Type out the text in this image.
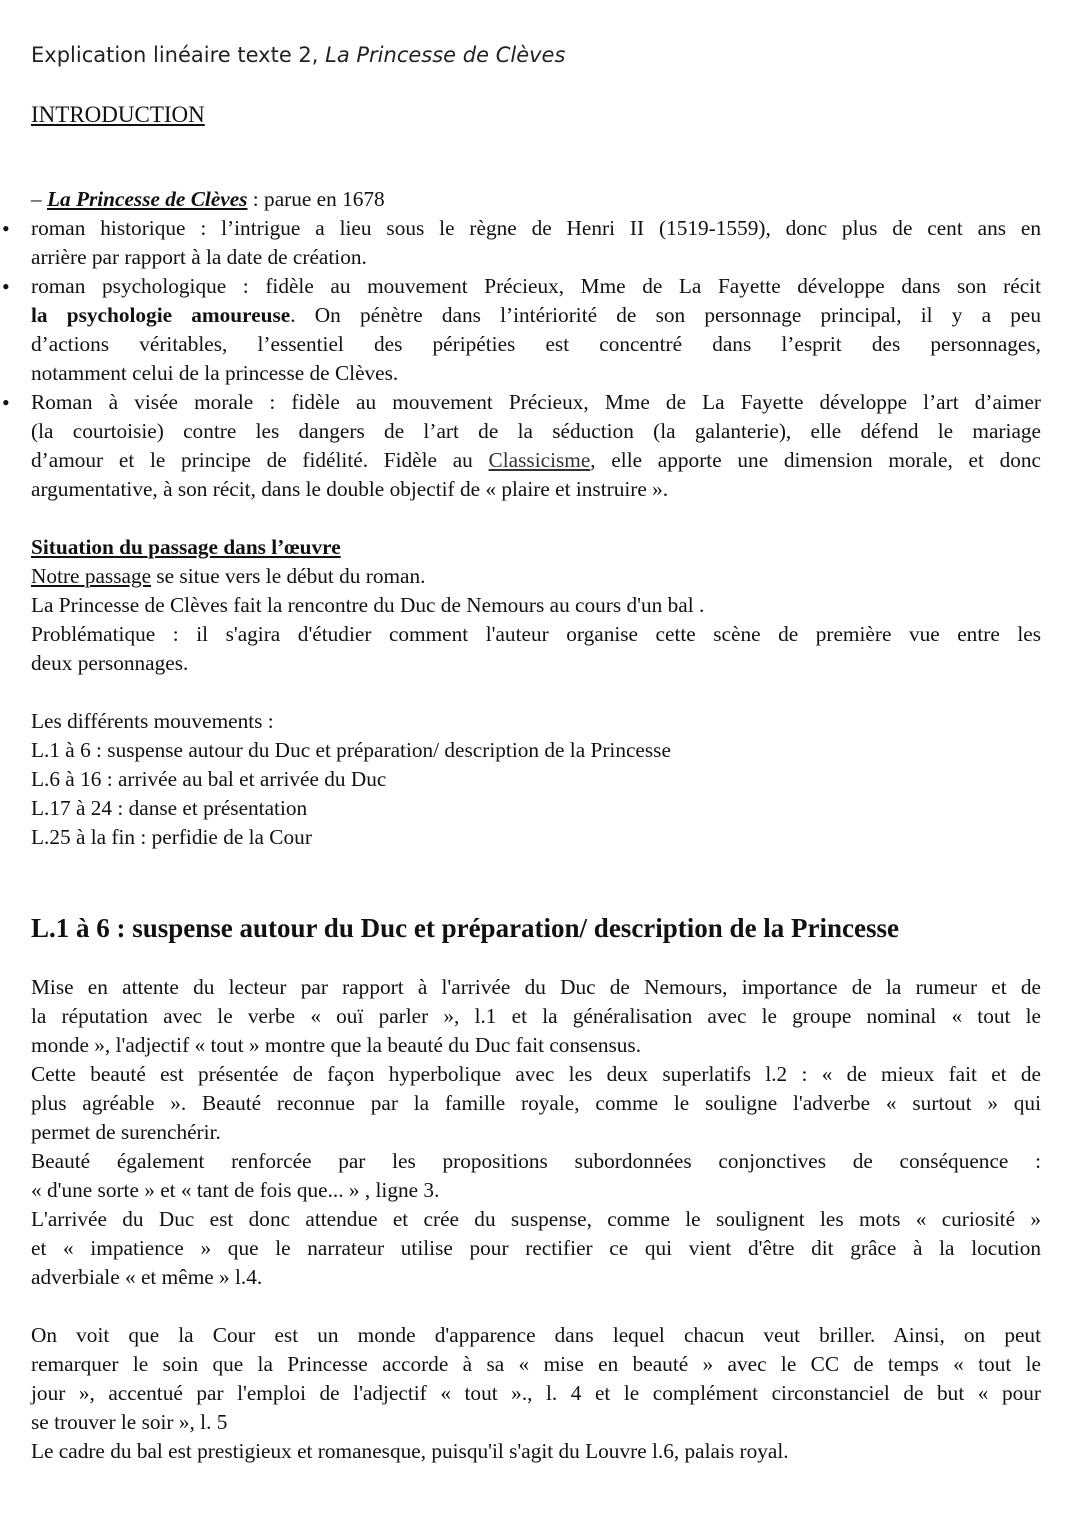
Explication linéaire texte 2, La Princesse de Clèves
INTRODUCTION
– La Princesse de Clèves : parue en 1678
• roman historique : l’intrigue a lieu sous le règne de Henri II (1519-1559), donc plus de cent ans en
arrière par rapport à la date de création.
• roman psychologique : fidèle au mouvement Précieux, Mme de La Fayette développe dans son récit
la psychologie amoureuse. On pénètre dans l’intériorité de son personnage principal, il y a peu
d’actions véritables, l’essentiel des péripéties est concentré dans l’esprit des personnages,
notamment celui de la princesse de Clèves.
• Roman à visée morale : fidèle au mouvement Précieux, Mme de La Fayette développe l’art d’aimer
(la courtoisie) contre les dangers de l’art de la séduction (la galanterie), elle défend le mariage
d’amour et le principe de fidélité. Fidèle au Classicisme, elle apporte une dimension morale, et donc
argumentative, à son récit, dans le double objectif de « plaire et instruire ».
Situation du passage dans l’œuvre
Notre passage se situe vers le début du roman.
La Princesse de Clèves fait la rencontre du Duc de Nemours au cours d'un bal .
Problématique : il s'agira d'étudier comment l'auteur organise cette scène de première vue entre les
deux personnages.
Les différents mouvements :
L.1 à 6 : suspense autour du Duc et préparation/ description de la Princesse
L.6 à 16 : arrivée au bal et arrivée du Duc
L.17 à 24 : danse et présentation
L.25 à la fin : perfidie de la Cour
L.1 à 6 : suspense autour du Duc et préparation/ description de la Princesse
Mise en attente du lecteur par rapport à l'arrivée du Duc de Nemours, importance de la rumeur et de
la réputation avec le verbe « ouï parler », l.1 et la généralisation avec le groupe nominal « tout le
monde », l'adjectif « tout » montre que la beauté du Duc fait consensus.
Cette beauté est présentée de façon hyperbolique avec les deux superlatifs l.2 : « de mieux fait et de
plus agréable ». Beauté reconnue par la famille royale, comme le souligne l'adverbe « surtout » qui
permet de surenchérir.
Beauté également renforcée par les propositions subordonnées conjonctives de conséquence :
« d'une sorte » et « tant de fois que... » , ligne 3.
L'arrivée du Duc est donc attendue et crée du suspense, comme le soulignent les mots « curiosité »
et « impatience » que le narrateur utilise pour rectifier ce qui vient d'être dit grâce à la locution
adverbiale « et même » l.4.
On voit que la Cour est un monde d'apparence dans lequel chacun veut briller. Ainsi, on peut
remarquer le soin que la Princesse accorde à sa « mise en beauté » avec le CC de temps « tout le
jour », accentué par l'emploi de l'adjectif « tout »., l. 4 et le complément circonstanciel de but « pour
se trouver le soir », l. 5
Le cadre du bal est prestigieux et romanesque, puisqu'il s'agit du Louvre l.6, palais royal.
